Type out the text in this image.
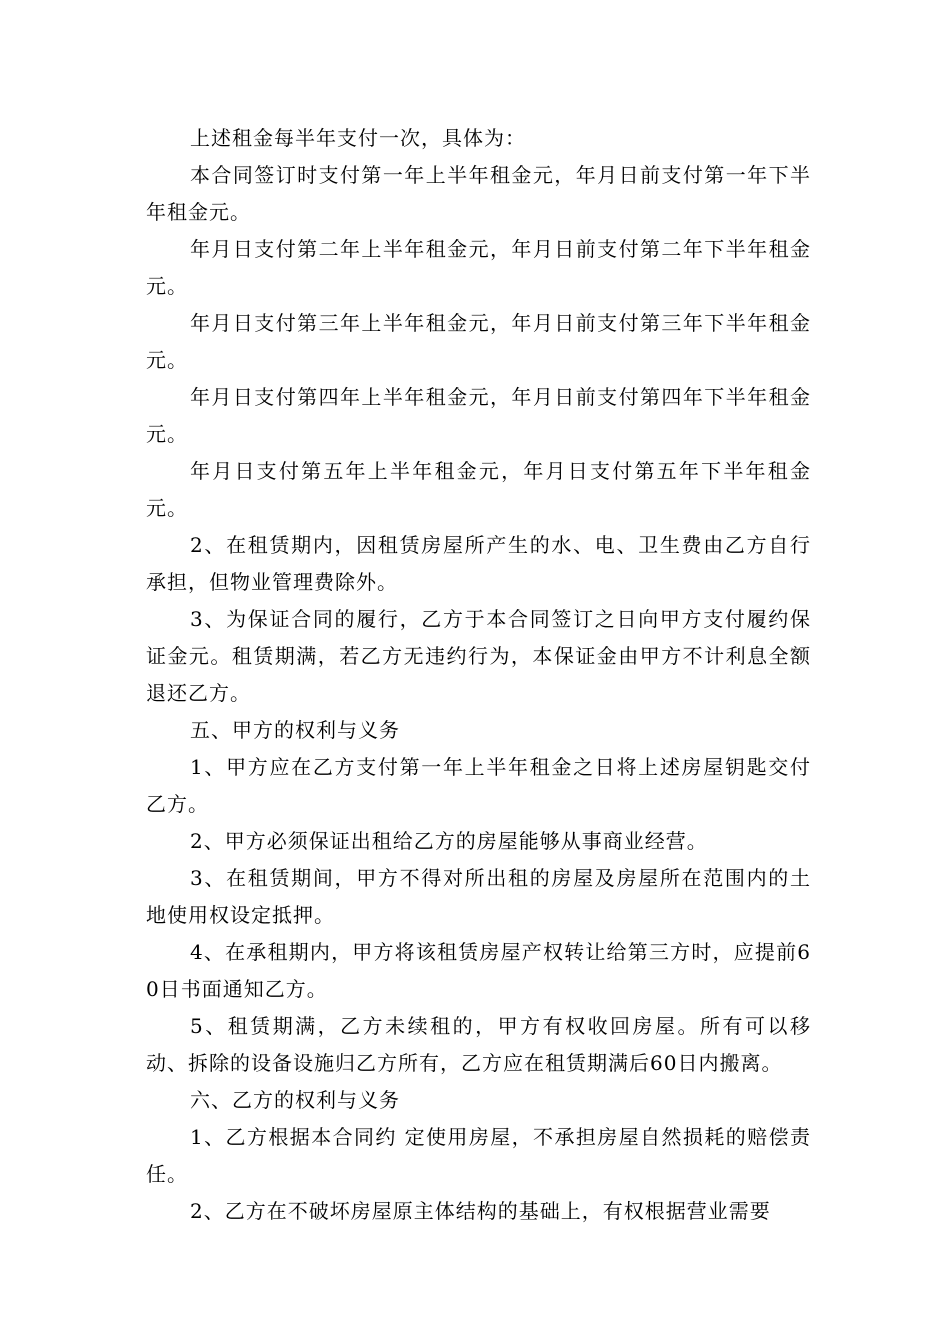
上述租金每半年支付一次，具体为：

本合同签订时支付第一年上半年租金元，年月日前支付第一年下半年租金元。

年月日支付第二年上半年租金元，年月日前支付第二年下半年租金元。

年月日支付第三年上半年租金元，年月日前支付第三年下半年租金元。

年月日支付第四年上半年租金元，年月日前支付第四年下半年租金元。

年月日支付第五年上半年租金元，年月日支付第五年下半年租金元。

2、在租赁期内，因租赁房屋所产生的水、电、卫生费由乙方自行承担，但物业管理费除外。

3、为保证合同的履行，乙方于本合同签订之日向甲方支付履约保证金元。租赁期满，若乙方无违约行为，本保证金由甲方不计利息全额退还乙方。

五、甲方的权利与义务

1、甲方应在乙方支付第一年上半年租金之日将上述房屋钥匙交付乙方。

2、甲方必须保证出租给乙方的房屋能够从事商业经营。

3、在租赁期间，甲方不得对所出租的房屋及房屋所在范围内的土地使用权设定抵押。

4、在承租期内，甲方将该租赁房屋产权转让给第三方时，应提前60日书面通知乙方。

5、租赁期满，乙方未续租的，甲方有权收回房屋。所有可以移动、拆除的设备设施归乙方所有，乙方应在租赁期满后60日内搬离。

六、乙方的权利与义务

1、乙方根据本合同约 定使用房屋，不承担房屋自然损耗的赔偿责任。

2、乙方在不破坏房屋原主体结构的基础上，有权根据营业需要
